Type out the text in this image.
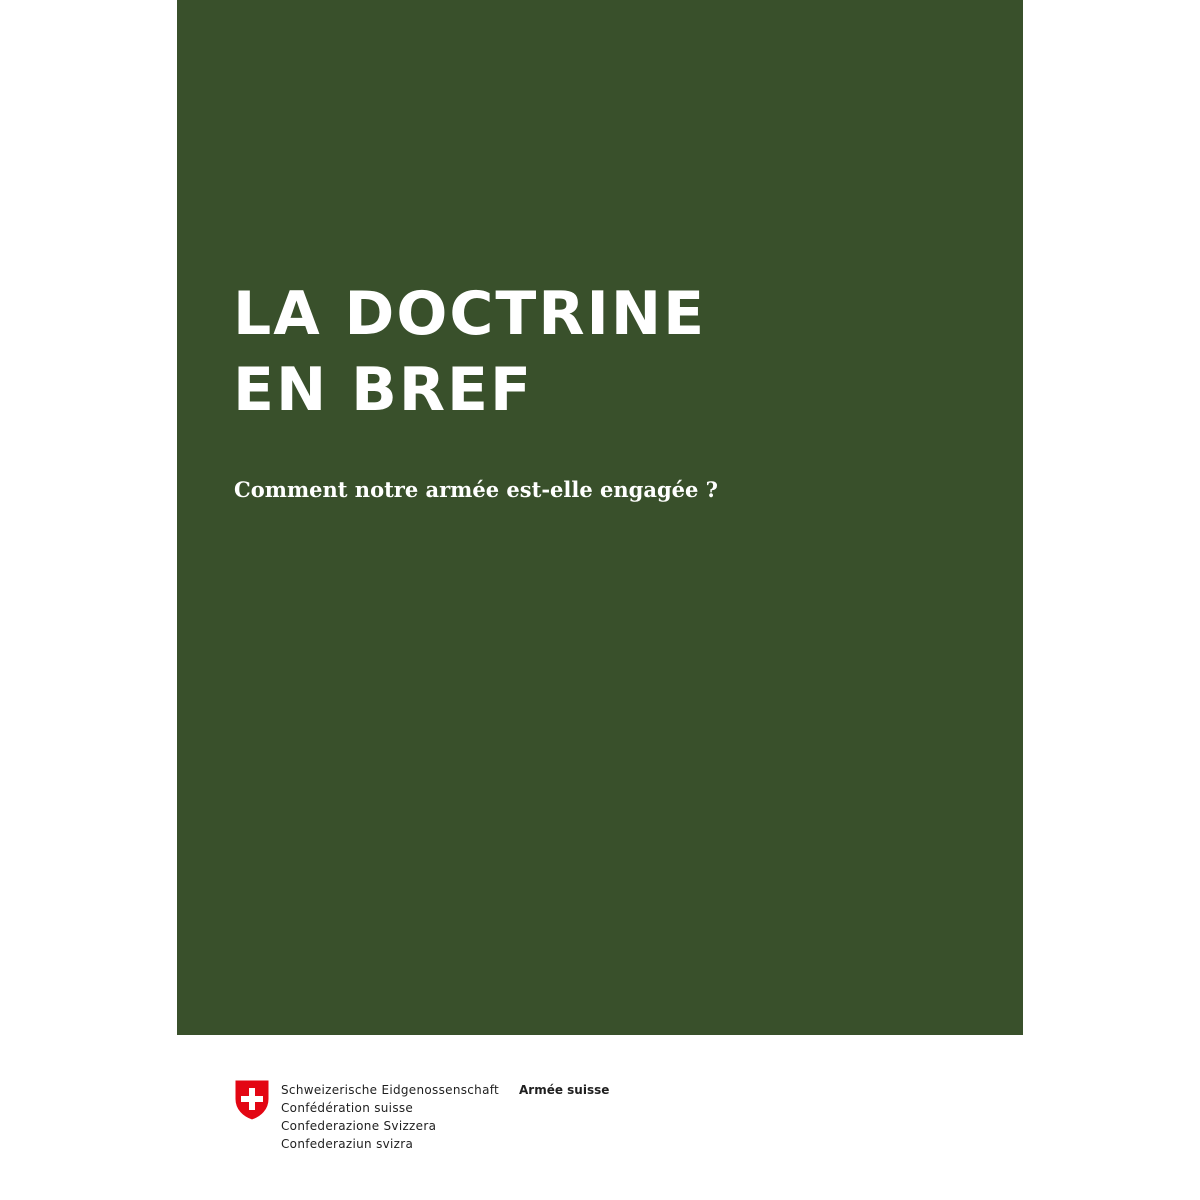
LA DOCTRINE
EN BREF

Comment notre armée est-elle engagée ?

Schweizerische Eidgenossenschaft
Confédération suisse
Confederazione Svizzera
Confederaziun svizra
Armée suisse
